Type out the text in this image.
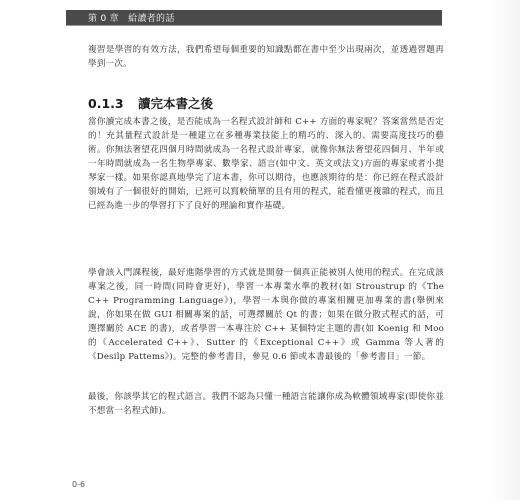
第 0 章 給讀者的話

複習是學習的有效方法，我們希望每個重要的知識點都在書中至少出現兩次，並透過習題再學到一次。

0.1.3 讀完本書之後

當你讀完成本書之後，是否能成為一名程式設計師和 C++ 方面的專家呢？答案當然是否定的！充其量程式設計是一種建立在多種專業技能上的精巧的、深入的、需要高度技巧的藝術。你無法奢望花四個月時間就成為一名程式設計專家，就像你無法奢望花四個月、半年或一年時間就成為一名生物學專家、數學家、語言(如中文、英文或法文)方面的專家或者小提琴家一樣。如果你認真地學完了這本書，你可以期待，也應該期待的是：你已經在程式設計領域有了一個很好的開始，已經可以寫較簡單的且有用的程式，能看懂更複雜的程式，而且已經為進一步的學習打下了良好的理論和實作基礎。

學會該入門課程後，最好進階學習的方式就是開發一個真正能被別人使用的程式。在完成該專案之後，同一時間(同時會更好)，學習一本專業水準的教材(如 Stroustrup 的《The C++ Programming Language》)，學習一本與你做的專案相關更加專業的書(舉例來說，你如果在做 GUI 相關專案的話，可選擇關於 Qt 的書；如果在做分散式程式的話，可選擇關於 ACE 的書)，或者學習一本專注於 C++ 某個特定主題的書(如 Koenig 和 Moo 的《Accelerated C++》、Sutter 的《Exceptional C++》或 Gamma 等人著的《Desilp Pattems》)。完整的參考書目，參見 0.6 節或本書最後的「參考書目」一節。

最後，你該學其它的程式語言。我們不認為只懂一種語言能讓你成為軟體領域專家(即使你並不想當一名程式師)。

0-6
